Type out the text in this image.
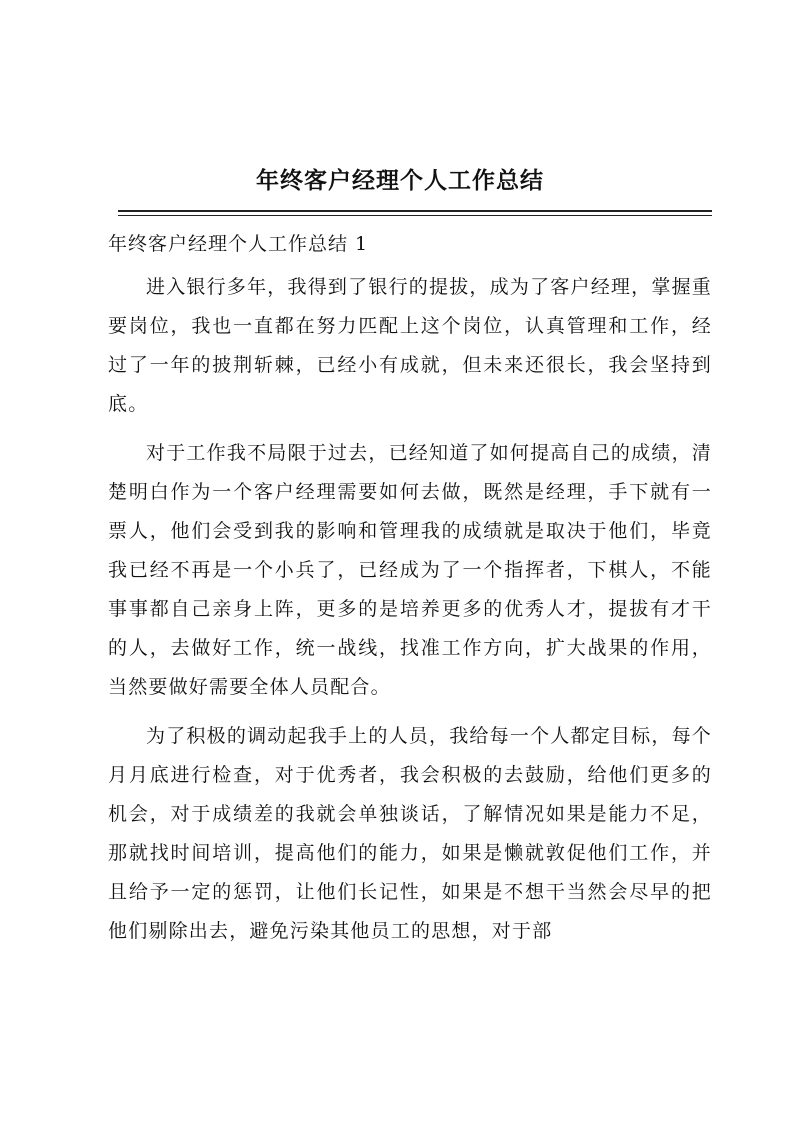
年终客户经理个人工作总结
年终客户经理个人工作总结 1

进入银行多年，我得到了银行的提拔，成为了客户经理，掌握重要岗位，我也一直都在努力匹配上这个岗位，认真管理和工作，经过了一年的披荆斩棘，已经小有成就，但未来还很长，我会坚持到底。

对于工作我不局限于过去，已经知道了如何提高自己的成绩，清楚明白作为一个客户经理需要如何去做，既然是经理，手下就有一票人，他们会受到我的影响和管理我的成绩就是取决于他们，毕竟我已经不再是一个小兵了，已经成为了一个指挥者，下棋人，不能事事都自己亲身上阵，更多的是培养更多的优秀人才，提拔有才干的人，去做好工作，统一战线，找准工作方向，扩大战果的作用，当然要做好需要全体人员配合。

为了积极的调动起我手上的人员，我给每一个人都定目标，每个月月底进行检查，对于优秀者，我会积极的去鼓励，给他们更多的机会，对于成绩差的我就会单独谈话，了解情况如果是能力不足，那就找时间培训，提高他们的能力，如果是懒就敦促他们工作，并且给予一定的惩罚，让他们长记性，如果是不想干当然会尽早的把他们剔除出去，避免污染其他员工的思想，对于部
